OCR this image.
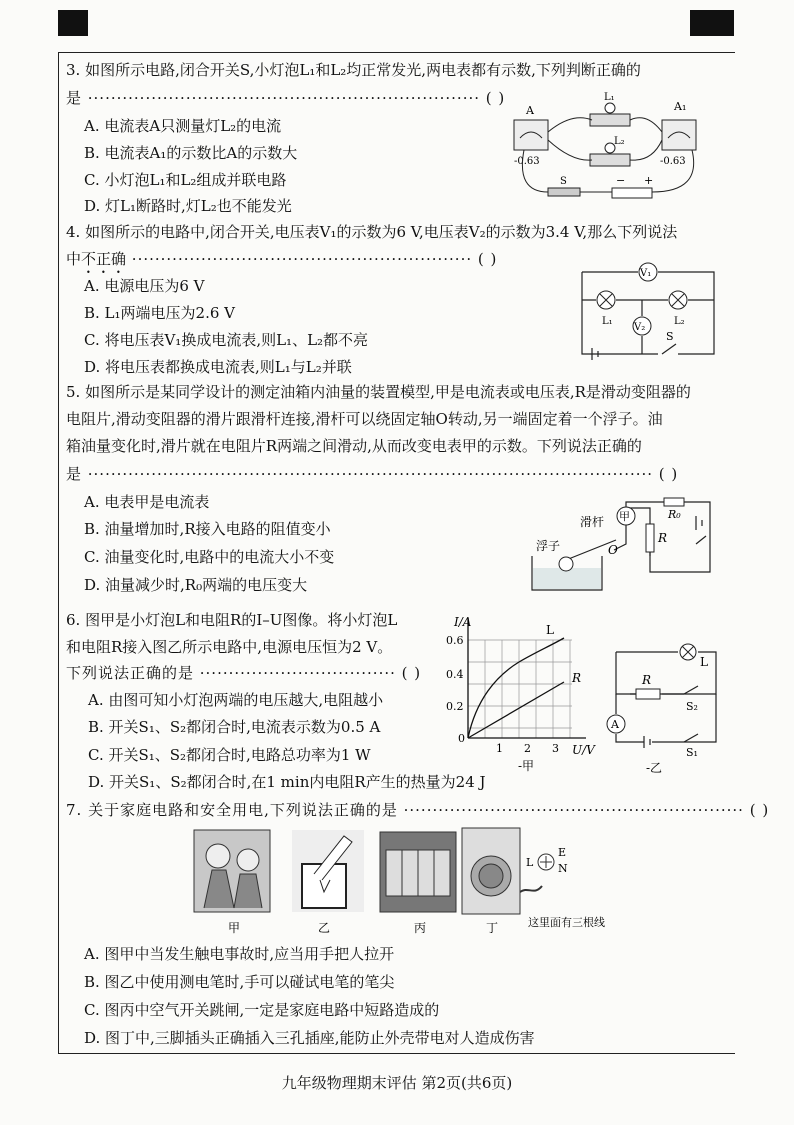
3. 如图所示电路,闭合开关S,小灯泡L₁和L₂均正常发光,两电表都有示数,下列判断正确的
是 ···································································· ( )
A. 电流表A只测量灯L₂的电流
B. 电流表A₁的示数比A的示数大
C. 小灯泡L₁和L₂组成并联电路
D. 灯L₁断路时,灯L₂也不能发光
A
-0.63
A₁
-0.63
L₁
L₂
S	− +
4. 如图所示的电路中,闭合开关,电压表V₁的示数为6 V,电压表V₂的示数为3.4 V,那么下列说法
中不正确 ··························································· ( )
A. 电源电压为6 V
B. L₁两端电压为2.6 V
C. 将电压表V₁换成电流表,则L₁、L₂都不亮
D. 将电压表都换成电流表,则L₁与L₂并联
V₁
L₁	L₂
V₂
S
5. 如图所示是某同学设计的测定油箱内油量的装置模型,甲是电流表或电压表,R是滑动变阻器的
电阻片,滑动变阻器的滑片跟滑杆连接,滑杆可以绕固定轴O转动,另一端固定着一个浮子。油
箱油量变化时,滑片就在电阻片R两端之间滑动,从而改变电表甲的示数。下列说法正确的
是 ·································································································· ( )
A. 电表甲是电流表
B. 油量增加时,R接入电路的阻值变小
C. 油量变化时,电路中的电流大小不变
D. 油量减少时,R₀两端的电压变大
甲
滑杆
R₀
R
O
浮子
6. 图甲是小灯泡L和电阻R的I–U图像。将小灯泡L
和电阻R接入图乙所示电路中,电源电压恒为2 V。
下列说法正确的是 ·································· ( )
A. 由图可知小灯泡两端的电压越大,电阻越小
B. 开关S₁、S₂都闭合时,电流表示数为0.5 A
C. 开关S₁、S₂都闭合时,电路总功率为1 W
D. 开关S₁、S₂都闭合时,在1 min内电阻R产生的热量为24 J
I/A
U/V
0.6
0.4
0.2
0
1 2 3
L
R
-甲
L
R
S₂
A
S₁
-乙
7. 关于家庭电路和安全用电,下列说法正确的是 ··························································· ( )
L
E
N
甲	乙	丙	丁	这里面有三根线
A. 图甲中当发生触电事故时,应当用手把人拉开
B. 图乙中使用测电笔时,手可以碰试电笔的笔尖
C. 图丙中空气开关跳闸,一定是家庭电路中短路造成的
D. 图丁中,三脚插头正确插入三孔插座,能防止外壳带电对人造成伤害
九年级物理期末评估 第2页(共6页)
